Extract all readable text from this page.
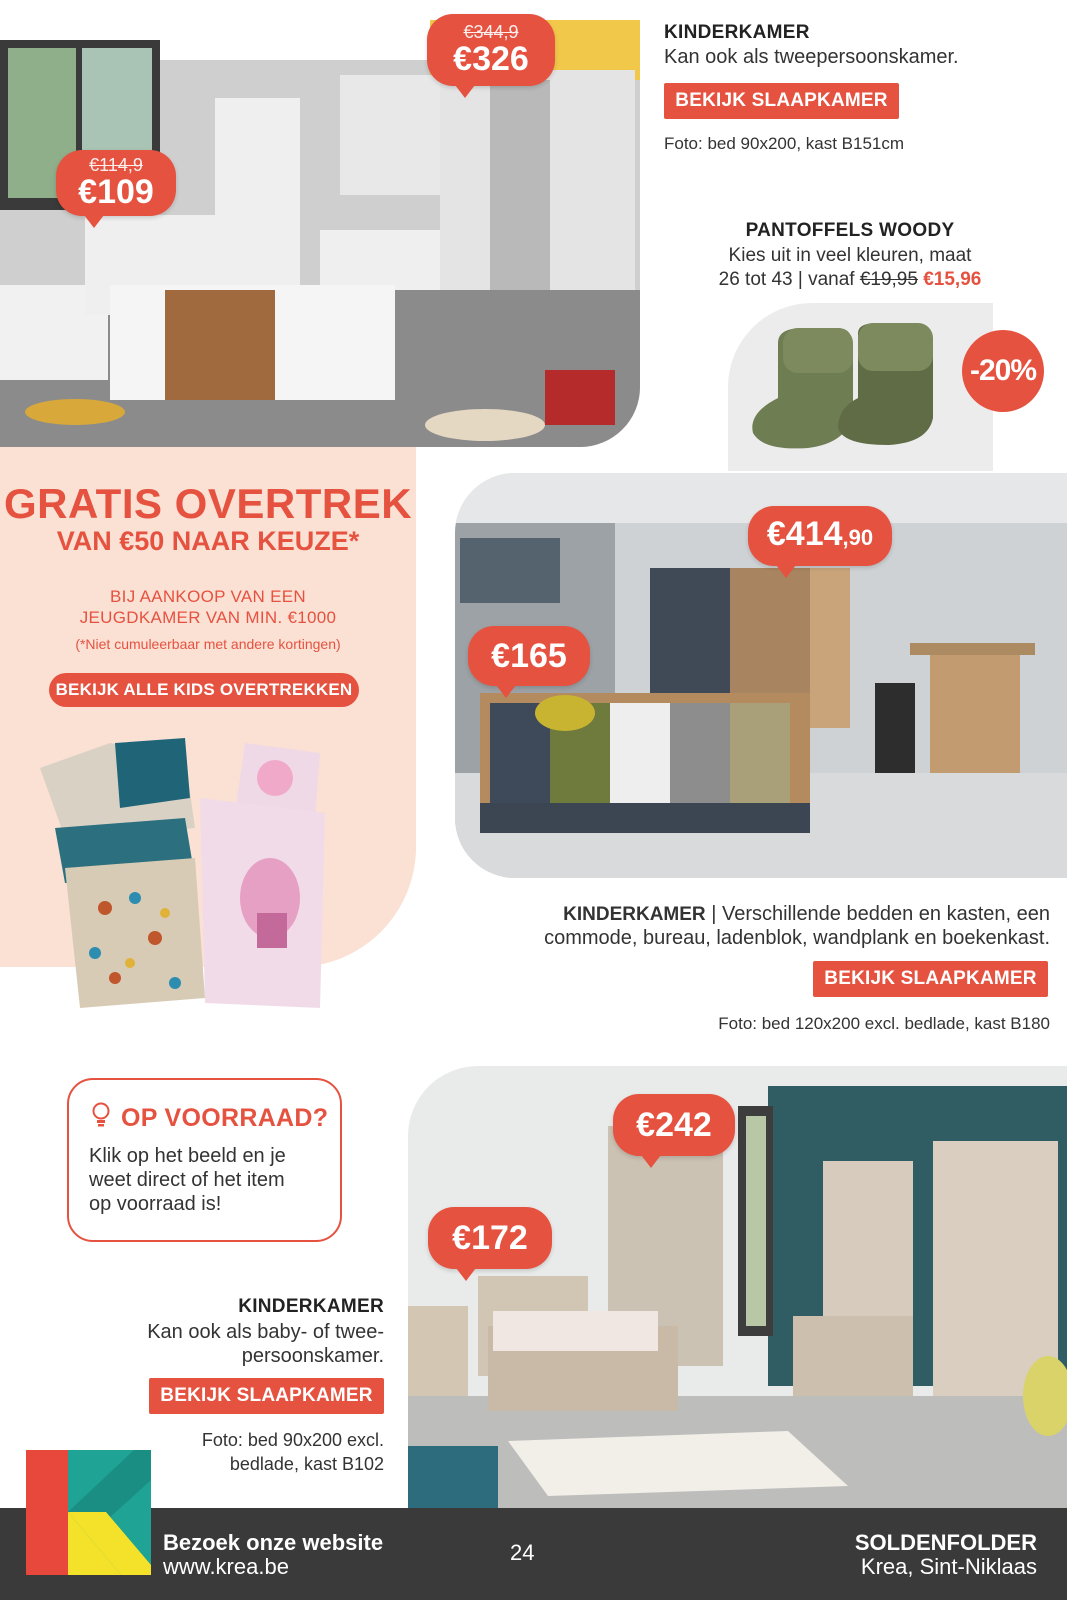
€344,9
€326
€114,9
€109
KINDERKAMER
Kan ook als tweepersoonskamer.
BEKIJK SLAAPKAMER
Foto: bed 90x200, kast B151cm
PANTOFFELS WOODY
Kies uit in veel kleuren, maat
26 tot 43 | vanaf €19,95 €15,96
-20%
GRATIS OVERTREK
VAN €50 NAAR KEUZE*
BIJ AANKOOP VAN EEN
JEUGDKAMER VAN MIN. €1000
(*Niet cumuleerbaar met andere kortingen)
BEKIJK ALLE KIDS OVERTREKKEN
€414,90
€165
KINDERKAMER | Verschillende bedden en kasten, een
commode, bureau, ladenblok, wandplank en boekenkast.
BEKIJK SLAAPKAMER
Foto: bed 120x200 excl. bedlade, kast B180
OP VOORRAAD?
Klik op het beeld en je
weet direct of het item
op voorraad is!
€242
€172
KINDERKAMER
Kan ook als baby- of twee-
persoonskamer.
BEKIJK SLAAPKAMER
Foto: bed 90x200 excl.
bedlade, kast B102
Bezoek onze website
www.krea.be
24	SOLDENFOLDER
Krea, Sint-Niklaas
